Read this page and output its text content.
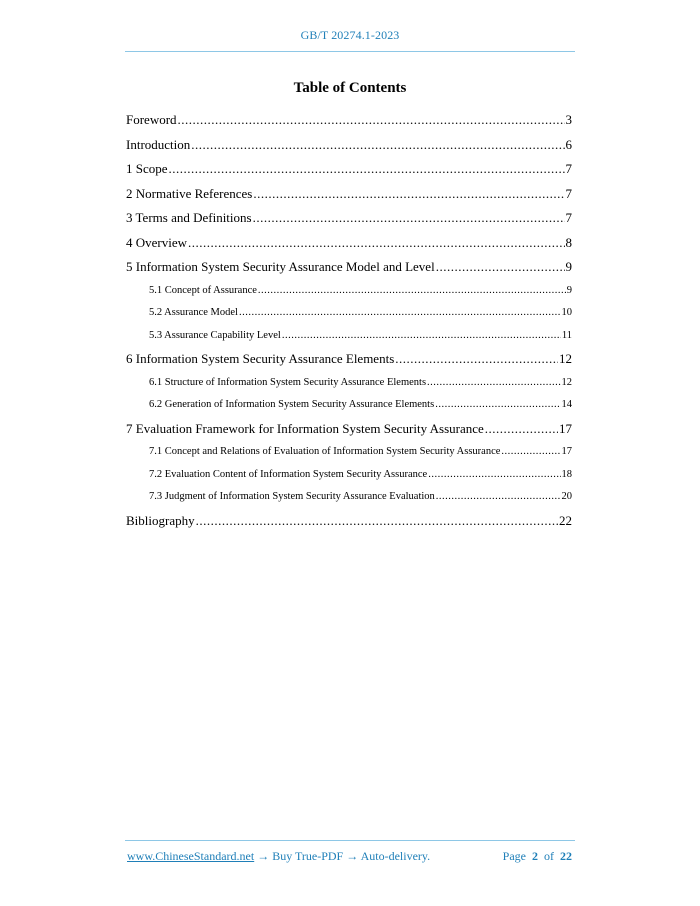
GB/T 20274.1-2023
Table of Contents
Foreword .....	3
Introduction .....	6
1 Scope .....	7
2 Normative References .....	7
3 Terms and Definitions .....	7
4 Overview .....	8
5 Information System Security Assurance Model and Level .....	9
5.1 Concept of Assurance .....	9
5.2 Assurance Model .....	10
5.3 Assurance Capability Level .....	11
6 Information System Security Assurance Elements .....	12
6.1 Structure of Information System Security Assurance Elements .....	12
6.2 Generation of Information System Security Assurance Elements .....	14
7 Evaluation Framework for Information System Security Assurance .....	17
7.1 Concept and Relations of Evaluation of Information System Security Assurance .....	17
7.2 Evaluation Content of Information System Security Assurance .....	18
7.3 Judgment of Information System Security Assurance Evaluation .....	20
Bibliography .....	22
www.ChineseStandard.net → Buy True-PDF → Auto-delivery.	Page 2 of 22
